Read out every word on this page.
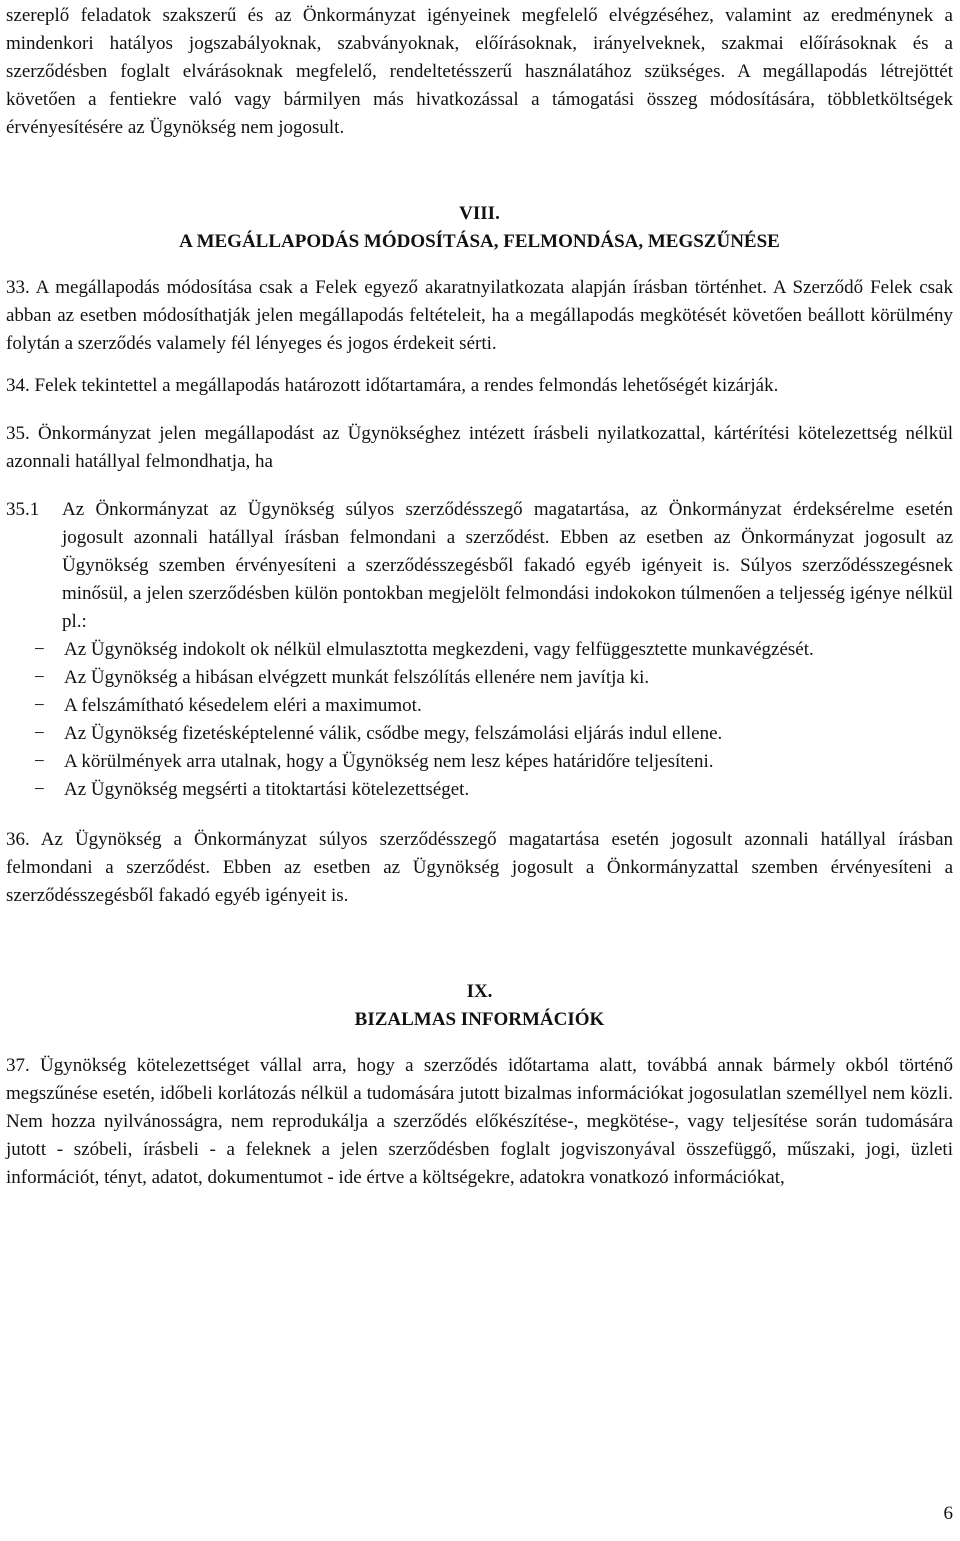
szereplő feladatok szakszerű és az Önkormányzat igényeinek megfelelő elvégzéséhez, valamint az eredménynek a mindenkori hatályos jogszabályoknak, szabványoknak, előírásoknak, irányelveknek, szakmai előírásoknak és a szerződésben foglalt elvárásoknak megfelelő, rendeltetésszerű használatához szükséges. A megállapodás létrejöttét követően a fentiekre való vagy bármilyen más hivatkozással a támogatási összeg módosítására, többletköltségek érvényesítésére az Ügynökség nem jogosult.

VIII.

A MEGÁLLAPODÁS MÓDOSÍTÁSA, FELMONDÁSA, MEGSZŰNÉSE

33. A megállapodás módosítása csak a Felek egyező akaratnyilatkozata alapján írásban történhet. A Szerződő Felek csak abban az esetben módosíthatják jelen megállapodás feltételeit, ha a megállapodás megkötését követően beállott körülmény folytán a szerződés valamely fél lényeges és jogos érdekeit sérti.

34. Felek tekintettel a megállapodás határozott időtartamára, a rendes felmondás lehetőségét kizárják.

35. Önkormányzat jelen megállapodást az Ügynökséghez intézett írásbeli nyilatkozattal, kártérítési kötelezettség nélkül azonnali hatállyal felmondhatja, ha

35.1	Az Önkormányzat az Ügynökség súlyos szerződésszegő magatartása, az Önkormányzat érdeksérelme esetén jogosult azonnali hatállyal írásban felmondani a szerződést. Ebben az esetben az Önkormányzat jogosult az Ügynökség szemben érvényesíteni a szerződésszegésből fakadó egyéb igényeit is. Súlyos szerződésszegésnek minősül, a jelen szerződésben külön pontokban megjelölt felmondási indokokon túlmenően a teljesség igénye nélkül pl.:

−	Az Ügynökség indokolt ok nélkül elmulasztotta megkezdeni, vagy felfüggesztette munkavégzését.
−	Az Ügynökség a hibásan elvégzett munkát felszólítás ellenére nem javítja ki.
−	A felszámítható késedelem eléri a maximumot.
−	Az Ügynökség fizetésképtelenné válik, csődbe megy, felszámolási eljárás indul ellene.
−	A körülmények arra utalnak, hogy a Ügynökség nem lesz képes határidőre teljesíteni.
−	Az Ügynökség megsérti a titoktartási kötelezettséget.

36. Az Ügynökség a Önkormányzat súlyos szerződésszegő magatartása esetén jogosult azonnali hatállyal írásban felmondani a szerződést. Ebben az esetben az Ügynökség jogosult a Önkormányzattal szemben érvényesíteni a szerződésszegésből fakadó egyéb igényeit is.

IX.

BIZALMAS INFORMÁCIÓK

37. Ügynökség kötelezettséget vállal arra, hogy a szerződés időtartama alatt, továbbá annak bármely okból történő megszűnése esetén, időbeli korlátozás nélkül a tudomására jutott bizalmas információkat jogosulatlan személlyel nem közli. Nem hozza nyilvánosságra, nem reprodukálja a szerződés előkészítése-, megkötése-, vagy teljesítése során tudomására jutott - szóbeli, írásbeli - a feleknek a jelen szerződésben foglalt jogviszonyával összefüggő, műszaki, jogi, üzleti információt, tényt, adatot, dokumentumot - ide értve a költségekre, adatokra vonatkozó információkat,

6
